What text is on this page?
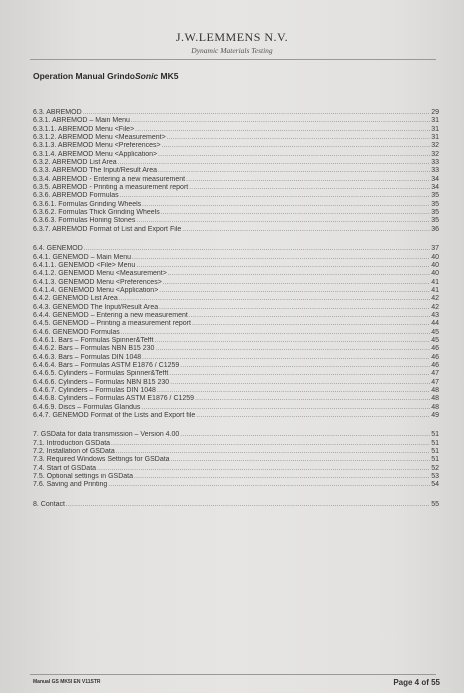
J.W.LEMMENS N.V.
Dynamic Materials Testing
Operation Manual GrindoSonic MK5
6.3. ABREMOD .....	29
6.3.1. ABREMOD – Main Menu .....	31
6.3.1.1. ABREMOD Menu <File> .....	31
6.3.1.2. ABREMOD Menu <Measurement> .....	31
6.3.1.3. ABREMOD Menu <Preferences> .....	32
6.3.1.4. ABREMOD Menu <Application> .....	32
6.3.2. ABREMOD List Area .....	33
6.3.3. ABREMOD The Input/Result Area .....	33
6.3.4. ABREMOD - Entering a new measurement .....	34
6.3.5. ABREMOD - Printing a measurement report .....	34
6.3.6. ABREMOD Formulas .....	35
6.3.6.1. Formulas Grinding Wheels .....	35
6.3.6.2. Formulas Thick Grinding Wheels .....	35
6.3.6.3. Formulas Honing Stones .....	35
6.3.7. ABREMOD Format of List and Export File .....	36
6.4. GENEMOD .....	37
6.4.1. GENEMOD – Main Menu .....	40
6.4.1.1. GENEMOD <File> Menu .....	40
6.4.1.2. GENEMOD Menu <Measurement> .....	40
6.4.1.3. GENEMOD Menu <Preferences> .....	41
6.4.1.4. GENEMOD Menu <Application> .....	41
6.4.2. GENEMOD List Area .....	42
6.4.3. GENEMOD The Input/Result Area .....	42
6.4.4. GENEMOD – Entering a new measurement .....	43
6.4.5. GENEMOD – Printing a measurement report .....	44
6.4.6. GENEMOD Formulas .....	45
6.4.6.1. Bars – Formulas Spinner&Tefft .....	45
6.4.6.2. Bars – Formulas NBN B15 230 .....	46
6.4.6.3. Bars – Formulas DIN 1048 .....	46
6.4.6.4. Bars – Formulas ASTM E1876 / C1259 .....	46
6.4.6.5. Cylinders – Formulas Spinner&Tefft .....	47
6.4.6.6. Cylinders – Formulas NBN B15 230 .....	47
6.4.6.7. Cylinders – Formulas DIN 1048 .....	48
6.4.6.8. Cylinders – Formulas ASTM E1876 / C1259 .....	48
6.4.6.9. Discs – Formulas Glandus .....	48
6.4.7. GENEMOD Format of the Lists and Export file .....	49
7. GSData for data transmission – Version 4.00 .....	51
7.1. Introduction GSData .....	51
7.2. Installation of GSData .....	51
7.3. Required Windows Settings for GSData .....	51
7.4. Start of GSData .....	52
7.5. Optional settings in GSData .....	53
7.6. Saving and Printing .....	54
8. Contact .....	55
Manual GS MK5I EN V11STR	Page 4 of 55
